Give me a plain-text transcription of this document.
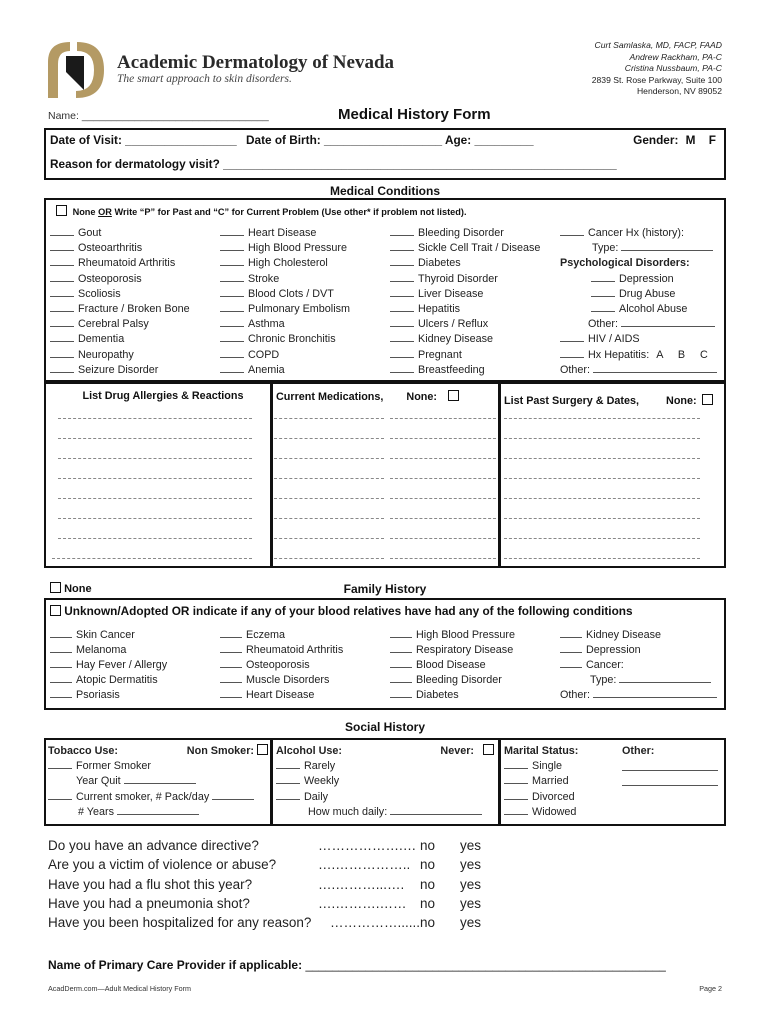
Academic Dermatology of Nevada
The smart approach to skin disorders.
Curt Samlaska, MD, FACP, FAAD
Andrew Rackham, PA-C
Cristina Nussbaum, PA-C
2839 St. Rose Parkway, Suite 100
Henderson, NV 89052
Name: ________________________________	Medical History Form
Date of Visit: _________________ Date of Birth: __________________ Age: _________	Gender: M F
Reason for dermatology visit? ____________________________________________________________
Medical Conditions
None OR Write “P” for Past and “C” for Current Problem (Use other* if problem not listed).
Gout
Osteoarthritis
Rheumatoid Arthritis
Osteoporosis
Scoliosis
Fracture / Broken Bone
Cerebral Palsy
Dementia
Neuropathy
Seizure Disorder
Heart Disease
High Blood Pressure
High Cholesterol
Stroke
Blood Clots / DVT
Pulmonary Embolism
Asthma
Chronic Bronchitis
COPD
Anemia
Bleeding Disorder
Sickle Cell Trait / Disease
Diabetes
Thyroid Disorder
Liver Disease
Hepatitis
Ulcers / Reflux
Kidney Disease
Pregnant
Breastfeeding
Cancer Hx (history):
Type:
Psychological Disorders:
Depression
Drug Abuse
Alcohol Abuse
Other:
HIV / AIDS
Hx Hepatitis: A B C
Other:
List Drug Allergies & Reactions	Current Medications, None:	List Past Surgery & Dates,	None:
None	Family History
Unknown/Adopted OR indicate if any of your blood relatives have had any of the following conditions
Skin Cancer
Melanoma
Hay Fever / Allergy
Atopic Dermatitis
Psoriasis
Eczema
Rheumatoid Arthritis
Osteoporosis
Muscle Disorders
Heart Disease
High Blood Pressure
Respiratory Disease
Blood Disease
Bleeding Disorder
Diabetes
Kidney Disease
Depression
Cancer:
Type:
Other:
Social History
Tobacco Use:	Non Smoker:
Former Smoker
Year Quit
Current smoker, # Pack/day
# Years
Alcohol Use:	Never:
Rarely
Weekly
Daily
How much daily:
Marital Status:	Other:
Single
Married
Divorced
Widowed
Do you have an advance directive?	……………….… no yes
Are you a victim of violence or abuse?	….…………….. no yes
Have you had a flu shot this year?	….………...…. no yes
Have you had a pneumonia shot?	….……….…… no yes
Have you been hospitalized for any reason? ……………...... no yes
Name of Primary Care Provider if applicable: ______________________________________________________
AcadDerm.com—Adult Medical History Form	Page 2
